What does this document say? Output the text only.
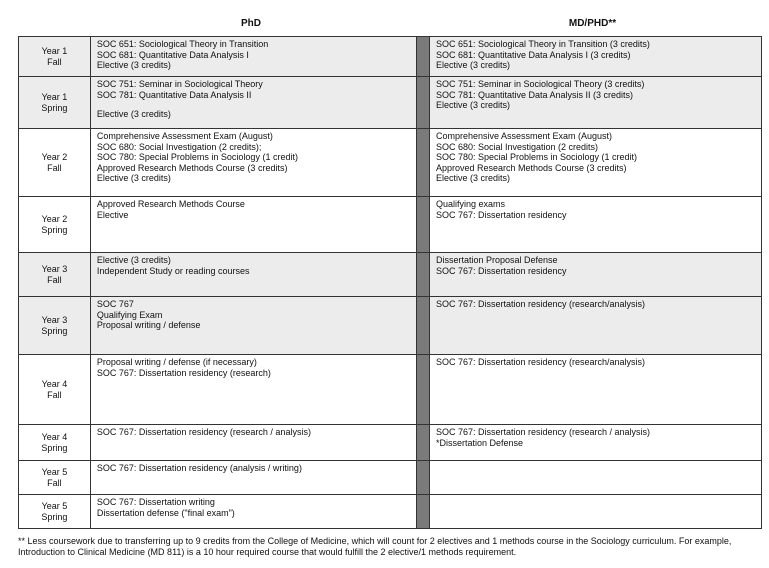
PhD	MD/PHD**
Year 1
Fall	SOC 651: Sociological Theory in Transition
SOC 681: Quantitative Data Analysis I
Elective (3 credits)		SOC 651: Sociological Theory in Transition (3 credits)
SOC 681: Quantitative Data Analysis I (3 credits)
Elective (3 credits)

Year 1
Spring	SOC 751: Seminar in Sociological Theory
SOC 781: Quantitative Data Analysis II
Elective (3 credits)		SOC 751: Seminar in Sociological Theory (3 credits)
SOC 781: Quantitative Data Analysis II (3 credits)
Elective (3 credits)

Year 2
Fall	Comprehensive Assessment Exam (August)
SOC 680: Social Investigation (2 credits);
SOC 780: Special Problems in Sociology (1 credit)
Approved Research Methods Course (3 credits)
Elective (3 credits)		Comprehensive Assessment Exam (August)
SOC 680: Social Investigation (2 credits)
SOC 780: Special Problems in Sociology (1 credit)
Approved Research Methods Course (3 credits)
Elective (3 credits)

Year 2
Spring	Approved Research Methods Course
Elective		Qualifying exams
SOC 767: Dissertation residency

Year 3
Fall	Elective (3 credits)
Independent Study or reading courses		Dissertation Proposal Defense
SOC 767: Dissertation residency

Year 3
Spring	SOC 767
Qualifying Exam
Proposal writing / defense		SOC 767: Dissertation residency (research/analysis)

Year 4
Fall	Proposal writing / defense (if necessary)
SOC 767: Dissertation residency (research)		SOC 767: Dissertation residency (research/analysis)

Year 4
Spring	SOC 767: Dissertation residency (research / analysis)		SOC 767: Dissertation residency (research / analysis)
*Dissertation Defense

Year 5
Fall	SOC 767: Dissertation residency (analysis / writing)		

Year 5
Spring	SOC 767: Dissertation writing
Dissertation defense ("final exam")		

** Less coursework due to transferring up to 9 credits from the College of Medicine, which will count for 2 electives and 1 methods course in the Sociology curriculum. For example, Introduction to Clinical Medicine (MD 811) is a 10 hour required course that would fulfill the 2 elective/1 methods requirement.
